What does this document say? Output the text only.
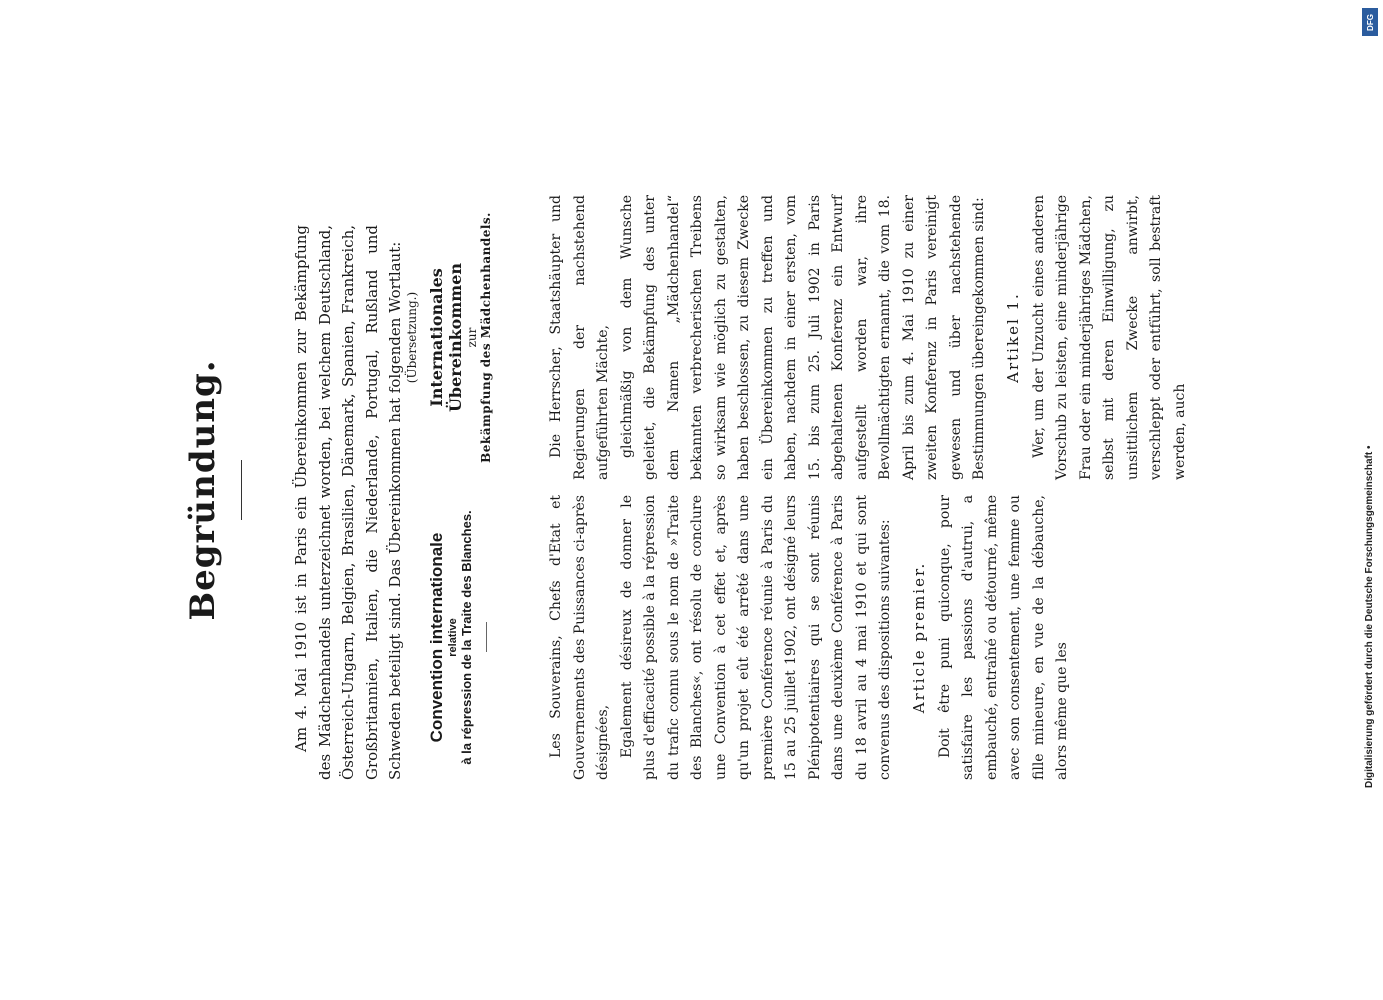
Begründung.	Am 4. Mai 1910 ist in Paris ein Übereinkommen zur Bekämpfung des Mädchenhandels unterzeichnet worden, bei welchem Deutschland, Österreich-Ungarn, Belgien, Brasilien, Dänemark, Spanien, Frankreich, Großbritannien, Italien, die Niederlande, Portugal, Rußland und Schweden beteiligt sind. Das Übereinkommen hat folgenden Wortlaut: Convention internationale relative à la répression de la Traite des Blanches.
(Übersetzung.) Internationales Übereinkommen zur Bekämpfung des Mädchenhandels.

Les Souverains, Chefs d'Etat et Gouvernements des Puissances ci-après désignées, Egalement désireux de donner le plus d'efficacité possible à la répression du trafic connu sous le nom de »Traite des Blanches«, ont résolu de conclure une Convention à cet effet et, après qu'un projet eût été arrêté dans une première Conférence réunie à Paris du 15 au 25 juillet 1902, ont désigné leurs Plénipotentiaires qui se sont réunis dans une deuxième Conférence à Paris du 18 avril au 4 mai 1910 et qui sont convenus des dispositions suivantes:	Article premier. Doit être puni quiconque, pour satisfaire les passions d'autrui, a embauché, entraîné ou détourné, même avec son consentement, une femme ou fille mineure, en vue de la débauche, alors même que les

Die Herrscher, Staatshäupter und Regierungen der nachstehend aufgeführten Mächte, gleichmäßig von dem Wunsche geleitet, die Bekämpfung des unter dem Namen „Mädchenhandel“ bekannten verbrecherischen Treibens so wirksam wie möglich zu gestalten, haben beschlossen, zu diesem Zwecke ein Übereinkommen zu treffen und haben, nachdem in einer ersten, vom 15. bis zum 25. Juli 1902 in Paris abgehaltenen Konferenz ein Entwurf aufgestellt worden war, ihre Bevollmächtigten ernannt, die vom 18. April bis zum 4. Mai 1910 zu einer zweiten Konferenz in Paris vereinigt gewesen und über nachstehende Bestimmungen übereingekommen sind:	Artikel 1. Wer, um der Unzucht eines anderen Vorschub zu leisten, eine minderjährige Frau oder ein minderjähriges Mädchen, selbst mit deren Einwilligung, zu unsittlichem Zwecke anwirbt, verschleppt oder entführt, soll bestraft werden, auch

DFG
Digitalisierung gefördert durch die Deutsche Forschungsgemeinschaft •
